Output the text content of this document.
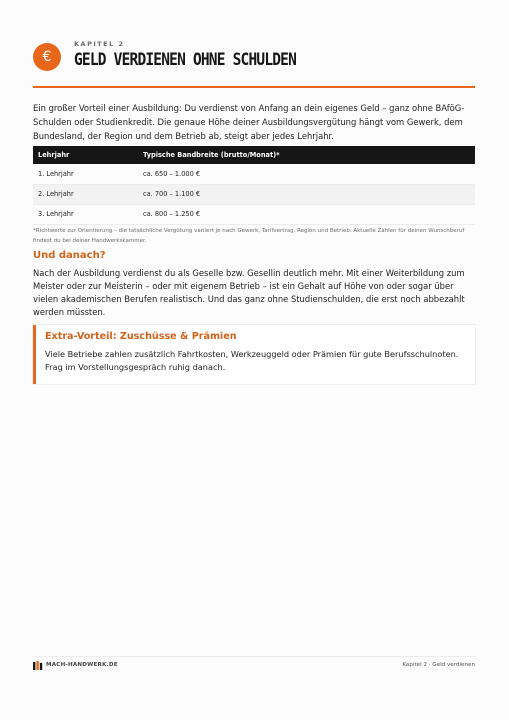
€
KAPITEL 2
GELD VERDIENEN OHNE SCHULDEN

Ein großer Vorteil einer Ausbildung: Du verdienst von Anfang an dein eigenes Geld – ganz ohne BAföG-Schulden oder Studienkredit. Die genaue Höhe deiner Ausbildungsvergütung hängt vom Gewerk, dem Bundesland, der Region und dem Betrieb ab, steigt aber jedes Lehrjahr.

Lehrjahr	Typische Bandbreite (brutto/Monat)*
1. Lehrjahr	ca. 650 – 1.000 €
2. Lehrjahr	ca. 700 – 1.100 €
3. Lehrjahr	ca. 800 – 1.250 €

*Richtwerte zur Orientierung – die tatsächliche Vergütung variiert je nach Gewerk, Tarifvertrag, Region und Betrieb. Aktuelle Zahlen für deinen Wunschberuf findest du bei deiner Handwerkskammer.

Und danach?

Nach der Ausbildung verdienst du als Geselle bzw. Gesellin deutlich mehr. Mit einer Weiterbildung zum Meister oder zur Meisterin – oder mit eigenem Betrieb – ist ein Gehalt auf Höhe von oder sogar über vielen akademischen Berufen realistisch. Und das ganz ohne Studienschulden, die erst noch abbezahlt werden müssten.

Extra-Vorteil: Zuschüsse & Prämien
Viele Betriebe zahlen zusätzlich Fahrtkosten, Werkzeuggeld oder Prämien für gute Berufsschulnoten. Frag im Vorstellungsgespräch ruhig danach.
MACH-HANDWERK.DE	Kapitel 2 · Geld verdienen
